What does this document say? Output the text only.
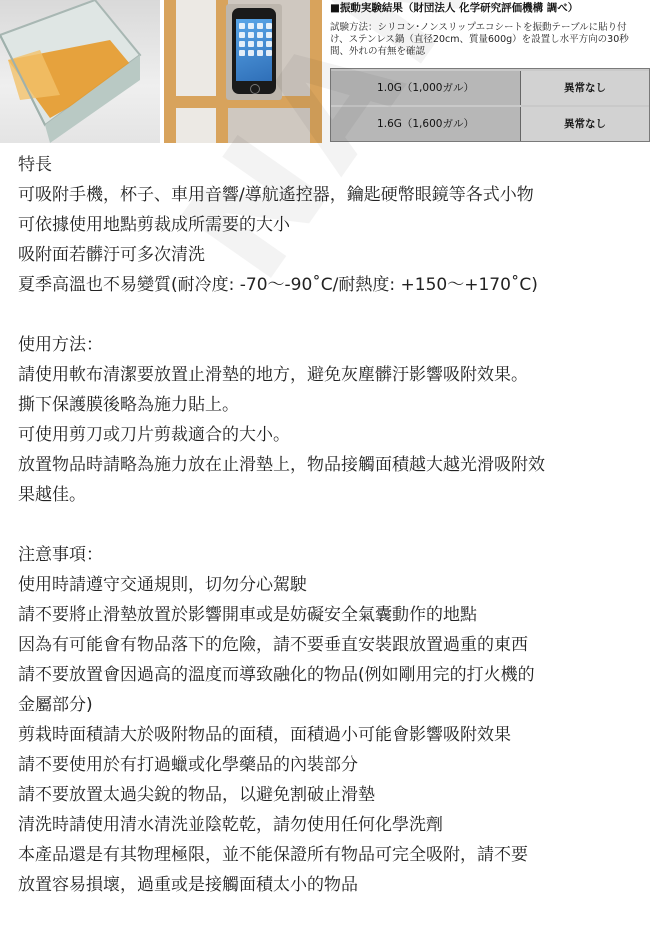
■振動実験結果（財団法人 化学研究評価機構 調べ）
試験方法：シリコン･ノンスリップエコシートを振動テーブルに貼り付け、ステンレス鍋（直径20cm、質量600g）を設置し水平方向の30秒間、外れの有無を確認
1.0G（1,000ガル）	異常なし
1.6G（1,600ガル）	異常なし
特長
可吸附手機，杯子、車用音響/導航遙控器，鑰匙硬幣眼鏡等各式小物
可依據使用地點剪裁成所需要的大小
吸附面若髒汙可多次清洗
夏季高溫也不易變質(耐冷度: -70～-90˚C/耐熱度: +150～+170˚C)
使用方法：
請使用軟布清潔要放置止滑墊的地方，避免灰塵髒汙影響吸附效果。
撕下保護膜後略為施力貼上。
可使用剪刀或刀片剪裁適合的大小。
放置物品時請略為施力放在止滑墊上，物品接觸面積越大越光滑吸附效
果越佳。
注意事項：
使用時請遵守交通規則，切勿分心駕駛
請不要將止滑墊放置於影響開車或是妨礙安全氣囊動作的地點
因為有可能會有物品落下的危險，請不要垂直安裝跟放置過重的東西
請不要放置會因過高的溫度而導致融化的物品(例如剛用完的打火機的
金屬部分)
剪栽時面積請大於吸附物品的面積，面積過小可能會影響吸附效果
請不要使用於有打過蠟或化學藥品的內裝部分
請不要放置太過尖銳的物品，以避免割破止滑墊
清洗時請使用清水清洗並陰乾乾，請勿使用任何化學洗劑
本產品還是有其物理極限，並不能保證所有物品可完全吸附，請不要
放置容易損壞，過重或是接觸面積太小的物品
